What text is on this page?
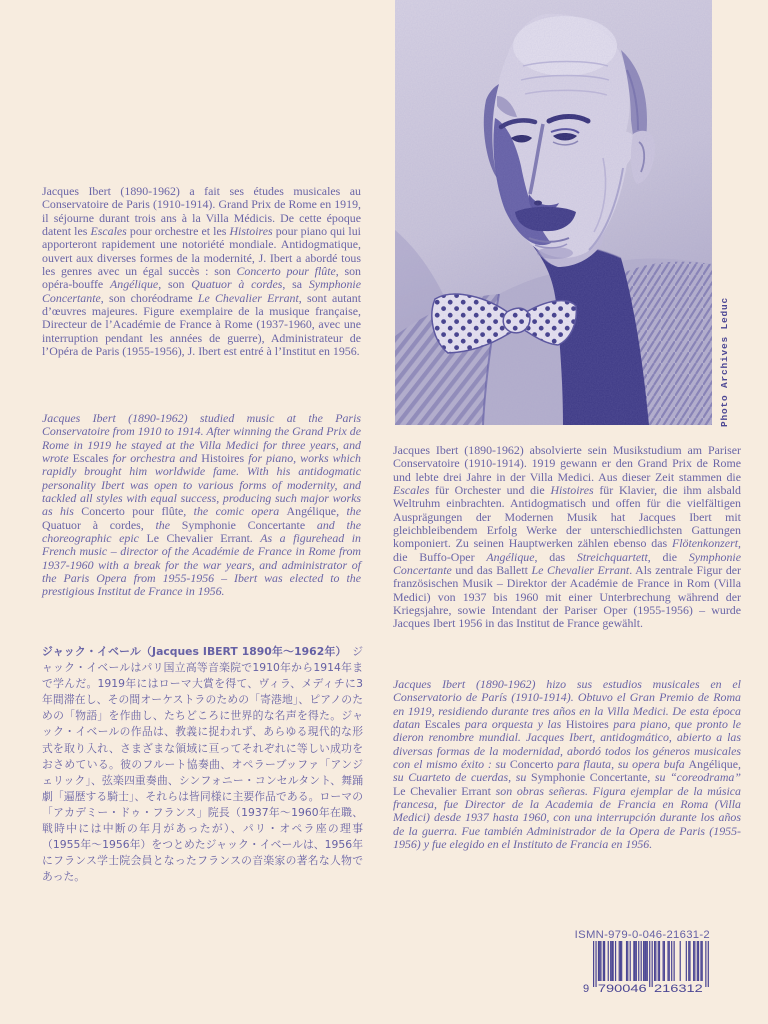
Photo Archives Leduc

Jacques Ibert (1890-1962) a fait ses études musicales au Conservatoire de Paris (1910-1914). Grand Prix de Rome en 1919, il séjourne durant trois ans à la Villa Médicis. De cette époque datent les Escales pour orchestre et les Histoires pour piano qui lui apporteront rapidement une notoriété mondiale. Antidogmatique, ouvert aux diverses formes de la modernité, J. Ibert a abordé tous les genres avec un égal succès : son Concerto pour flûte, son opéra-bouffe Angélique, son Quatuor à cordes, sa Symphonie Concertante, son choréodrame Le Chevalier Errant, sont autant d’œuvres majeures. Figure exemplaire de la musique française, Directeur de l’Académie de France à Rome (1937-1960, avec une interruption pendant les années de guerre), Administrateur de l’Opéra de Paris (1955-1956), J. Ibert est entré à l’Institut en 1956.

Jacques Ibert (1890-1962) studied music at the Paris Conservatoire from 1910 to 1914. After winning the Grand Prix de Rome in 1919 he stayed at the Villa Medici for three years, and wrote Escales for orchestra and Histoires for piano, works which rapidly brought him worldwide fame. With his antidogmatic personality Ibert was open to various forms of modernity, and tackled all styles with equal success, producing such major works as his Concerto pour flûte, the comic opera Angélique, the Quatuor à cordes, the Symphonie Concertante and the choreographic epic Le Chevalier Errant. As a figurehead in French music – director of the Académie de France in Rome from 1937-1960 with a break for the war years, and administrator of the Paris Opera from 1955-1956 – Ibert was elected to the prestigious Institut de France in 1956.

ジャック・イベール（Jacques IBERT 1890年～1962年）　ジャック・イベールはパリ国立高等音楽院で1910年から1914年まで学んだ。1919年にはローマ大賞を得て、ヴィラ、メディチに3年間滞在し、その間オーケストラのための「寄港地」、ピアノのための「物語」を作曲し、たちどころに世界的な名声を得た。ジャック・イベールの作品は、教義に捉われず、あらゆる現代的な形式を取り入れ、さまざまな領域に亘ってそれぞれに等しい成功をおさめている。彼のフルート協奏曲、オペラーブッファ「アンジェリック」、弦楽四重奏曲、シンフォニー・コンセルタント、舞踊劇「遍歴する騎士」、それらは皆同様に主要作品である。ローマの「アカデミー・ドゥ・フランス」院長（1937年～1960年在職、戦時中には中断の年月があったが）、パリ・オペラ座の理事（1955年～1956年）をつとめたジャック・イベールは、1956年にフランス学士院会員となったフランスの音楽家の著名な人物であった。

Jacques Ibert (1890-1962) absolvierte sein Musikstudium am Pariser Conservatoire (1910-1914). 1919 gewann er den Grand Prix de Rome und lebte drei Jahre in der Villa Medici. Aus dieser Zeit stammen die Escales für Orchester und die Histoires für Klavier, die ihm alsbald Weltruhm einbrachten. Antidogmatisch und offen für die vielfältigen Ausprägungen der Modernen Musik hat Jacques Ibert mit gleichbleibendem Erfolg Werke der unterschiedlichsten Gattungen komponiert. Zu seinen Hauptwerken zählen ebenso das Flötenkonzert, die Buffo-Oper Angélique, das Streichquartett, die Symphonie Concertante und das Ballett Le Chevalier Errant. Als zentrale Figur der französischen Musik – Direktor der Académie de France in Rom (Villa Medici) von 1937 bis 1960 mit einer Unterbrechung während der Kriegsjahre, sowie Intendant der Pariser Oper (1955-1956) – wurde Jacques Ibert 1956 in das Institut de France gewählt.

Jacques Ibert (1890-1962) hizo sus estudios musicales en el Conservatorio de París (1910-1914). Obtuvo el Gran Premio de Roma en 1919, residiendo durante tres años en la Villa Medici. De esta época datan Escales para orquesta y las Histoires para piano, que pronto le dieron renombre mundial. Jacques Ibert, antidogmático, abierto a las diversas formas de la modernidad, abordó todos los géneros musicales con el mismo éxito : su Concerto para flauta, su opera bufa Angélique, su Cuarteto de cuerdas, su Symphonie Concertante, su “coreodrama” Le Chevalier Errant son obras señeras. Figura ejemplar de la música francesa, fue Director de la Academia de Francia en Roma (Villa Medici) desde 1937 hasta 1960, con una interrupción durante los años de la guerra. Fue también Administrador de la Opera de Paris (1955-1956) y fue elegido en el Instituto de Francia en 1956.

ISMN-979-0-046-21631-2
9 790046 216312
